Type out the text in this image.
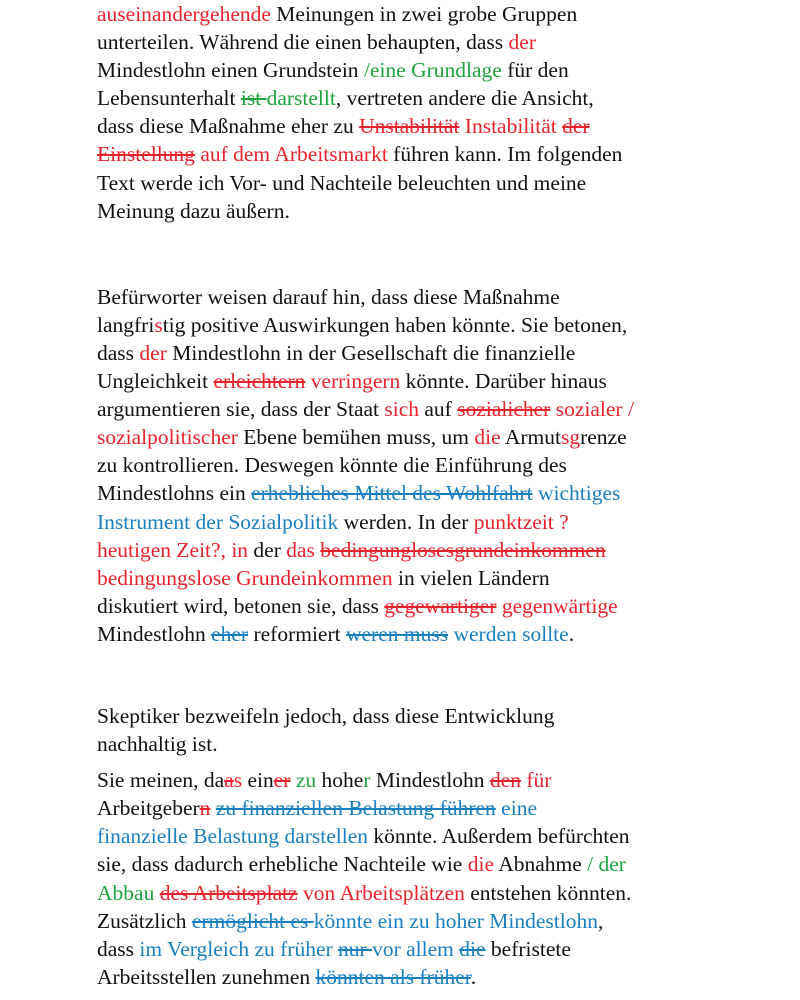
auseinandergehende Meinungen in zwei grobe Gruppen
unterteilen. Während die einen behaupten, dass der
Mindestlohn einen Grundstein /eine Grundlage für den
Lebensunterhalt ist darstellt, vertreten andere die Ansicht,
dass diese Maßnahme eher zu Unstabilität Instabilität der
Einstellung auf dem Arbeitsmarkt führen kann. Im folgenden
Text werde ich Vor- und Nachteile beleuchten und meine
Meinung dazu äußern.

Befürworter weisen darauf hin, dass diese Maßnahme
langfristig positive Auswirkungen haben könnte. Sie betonen,
dass der Mindestlohn in der Gesellschaft die finanzielle
Ungleichkeit erleichtern verringern könnte. Darüber hinaus
argumentieren sie, dass der Staat sich auf sozialicher sozialer /
sozialpolitischer Ebene bemühen muss, um die Armutsgrenze
zu kontrollieren. Deswegen könnte die Einführung des
Mindestlohns ein erhebliches Mittel des Wohlfahrt wichtiges
Instrument der Sozialpolitik werden. In der punktzeit ?
heutigen Zeit?, in der das bedingunglosesgrundeinkommen
bedingungslose Grundeinkommen in vielen Ländern
diskutiert wird, betonen sie, dass gegewartiger gegenwärtige
Mindestlohn eher reformiert weren muss werden sollte.

Skeptiker bezweifeln jedoch, dass diese Entwicklung
nachhaltig ist.

Sie meinen, daas einer zu hoher Mindestlohn den für
Arbeitgebern zu finanziellen Belastung führen eine
finanzielle Belastung darstellen könnte. Außerdem befürchten
sie, dass dadurch erhebliche Nachteile wie die Abnahme / der
Abbau des Arbeitsplatz von Arbeitsplätzen entstehen könnten.
Zusätzlich ermöglicht es könnte ein zu hoher Mindestlohn,
dass im Vergleich zu früher nur vor allem die befristete
Arbeitsstellen zunehmen könnten als früher.
